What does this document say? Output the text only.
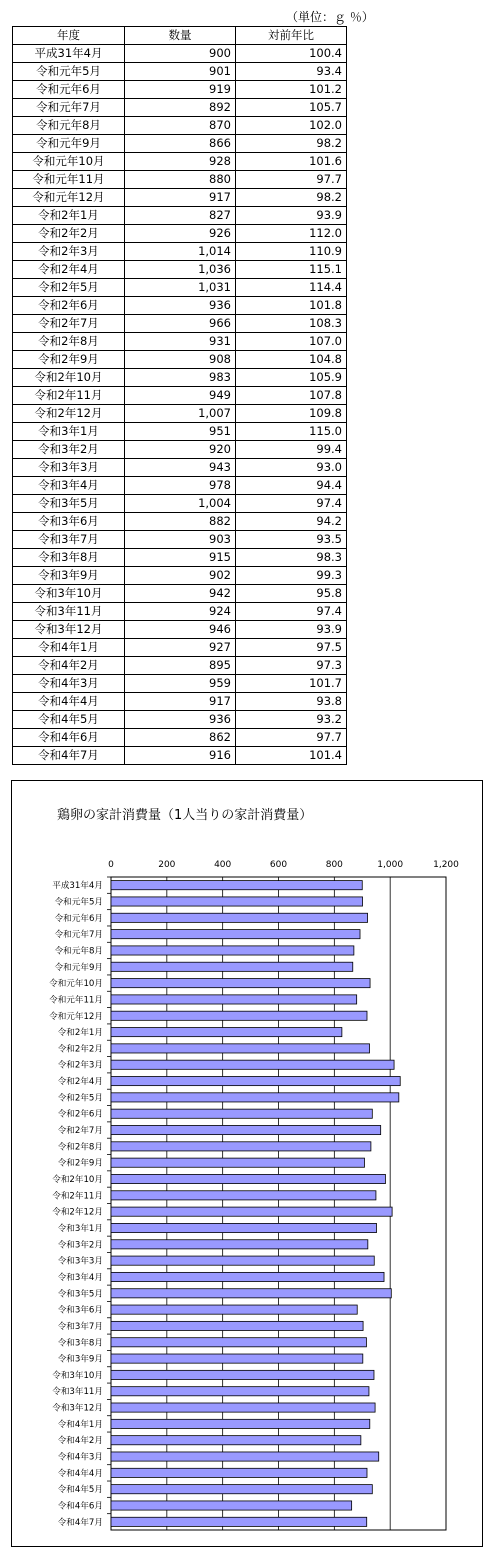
（単位：ｇ ％）
年度	数量	対前年比
平成31年4月	900	100.4
令和元年5月	901	93.4
令和元年6月	919	101.2
令和元年7月	892	105.7
令和元年8月	870	102.0
令和元年9月	866	98.2
令和元年10月	928	101.6
令和元年11月	880	97.7
令和元年12月	917	98.2
令和2年1月	827	93.9
令和2年2月	926	112.0
令和2年3月	1,014	110.9
令和2年4月	1,036	115.1
令和2年5月	1,031	114.4
令和2年6月	936	101.8
令和2年7月	966	108.3
令和2年8月	931	107.0
令和2年9月	908	104.8
令和2年10月	983	105.9
令和2年11月	949	107.8
令和2年12月	1,007	109.8
令和3年1月	951	115.0
令和3年2月	920	99.4
令和3年3月	943	93.0
令和3年4月	978	94.4
令和3年5月	1,004	97.4
令和3年6月	882	94.2
令和3年7月	903	93.5
令和3年8月	915	98.3
令和3年9月	902	99.3
令和3年10月	942	95.8
令和3年11月	924	97.4
令和3年12月	946	93.9
令和4年1月	927	97.5
令和4年2月	895	97.3
令和4年3月	959	101.7
令和4年4月	917	93.8
令和4年5月	936	93.2
令和4年6月	862	97.7
令和4年7月	916	101.4
鶏卵の家計消費量（1人当りの家計消費量）
0	200	400	600	800	1,000	1,200
平成31年4月
令和元年5月
令和元年6月
令和元年7月
令和元年8月
令和元年9月
令和元年10月
令和元年11月
令和元年12月
令和2年1月
令和2年2月
令和2年3月
令和2年4月
令和2年5月
令和2年6月
令和2年7月
令和2年8月
令和2年9月
令和2年10月
令和2年11月
令和2年12月
令和3年1月
令和3年2月
令和3年3月
令和3年4月
令和3年5月
令和3年6月
令和3年7月
令和3年8月
令和3年9月
令和3年10月
令和3年11月
令和3年12月
令和4年1月
令和4年2月
令和4年3月
令和4年4月
令和4年5月
令和4年6月
令和4年7月
